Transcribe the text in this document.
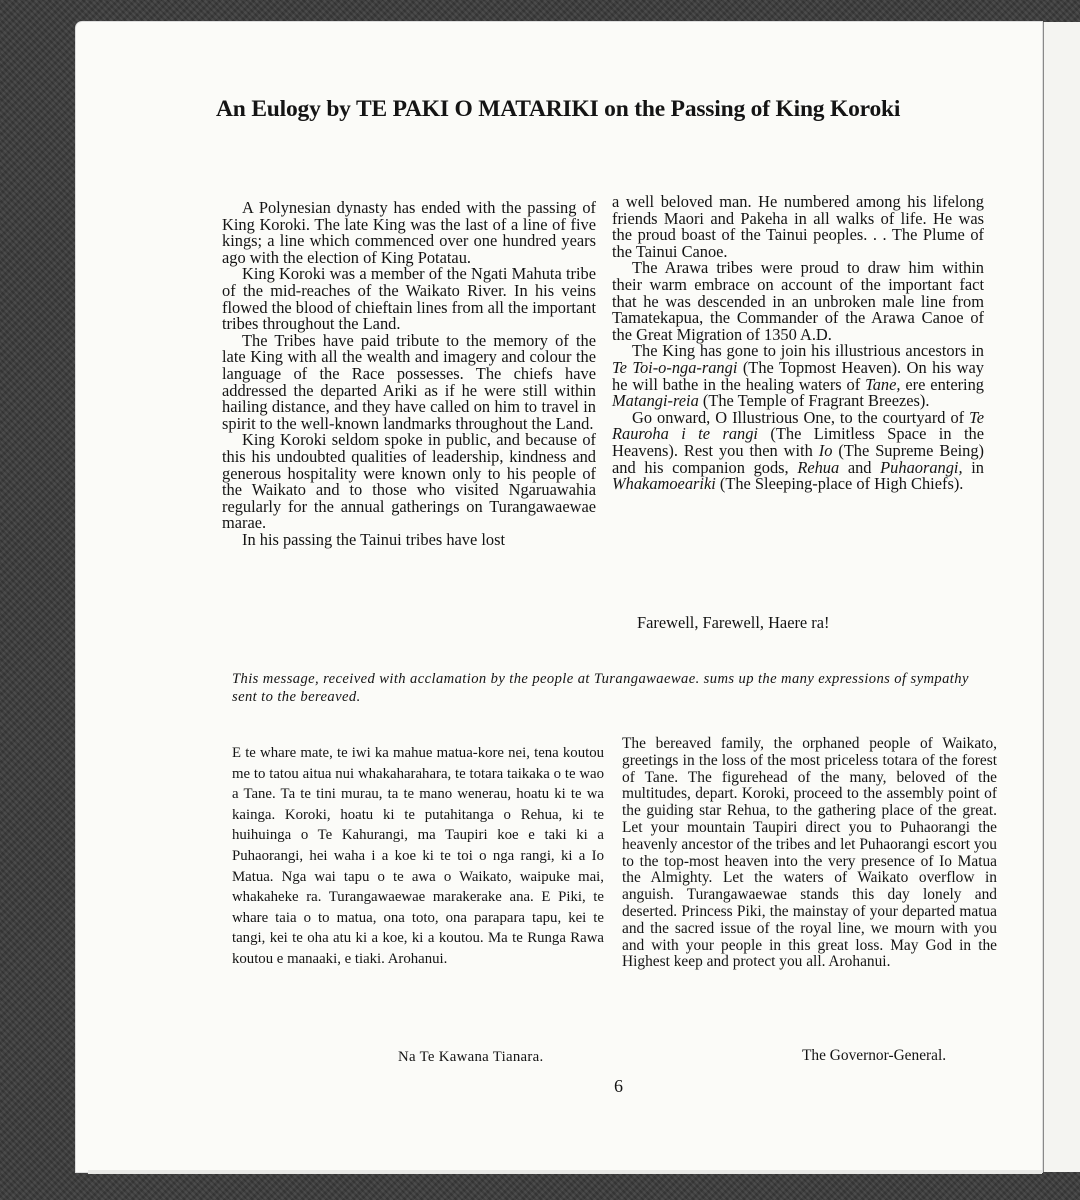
An Eulogy by TE PAKI O MATARIKI on the Passing of King Koroki

A Polynesian dynasty has ended with the passing of King Koroki. The late King was the last of a line of five kings; a line which commenced over one hundred years ago with the election of King Potatau.

King Koroki was a member of the Ngati Mahuta tribe of the mid-reaches of the Waikato River. In his veins flowed the blood of chieftain lines from all the important tribes throughout the Land.

The Tribes have paid tribute to the memory of the late King with all the wealth and imagery and colour the language of the Race possesses. The chiefs have addressed the departed Ariki as if he were still within hailing distance, and they have called on him to travel in spirit to the well-known landmarks throughout the Land.

King Koroki seldom spoke in public, and because of this his undoubted qualities of leadership, kindness and generous hospitality were known only to his people of the Waikato and to those who visited Ngaruawahia regularly for the annual gatherings on Turangawaewae marae.

In his passing the Tainui tribes have lost

a well beloved man. He numbered among his lifelong friends Maori and Pakeha in all walks of life. He was the proud boast of the Tainui peoples. . . The Plume of the Tainui Canoe.

The Arawa tribes were proud to draw him within their warm embrace on account of the important fact that he was descended in an unbroken male line from Tamatekapua, the Commander of the Arawa Canoe of the Great Migration of 1350 A.D.

The King has gone to join his illustrious ancestors in Te Toi-o-nga-rangi (The Topmost Heaven). On his way he will bathe in the healing waters of Tane, ere entering Matangi-reia (The Temple of Fragrant Breezes).

Go onward, O Illustrious One, to the courtyard of Te Rauroha i te rangi (The Limitless Space in the Heavens). Rest you then with Io (The Supreme Being) and his companion gods, Rehua and Puhaorangi, in Whakamoeariki (The Sleeping-place of High Chiefs).

Farewell, Farewell, Haere ra!

This message, received with acclamation by the people at Turangawaewae. sums up the many expressions of sympathy sent to the bereaved.

E te whare mate, te iwi ka mahue matua-kore nei, tena koutou me to tatou aitua nui whakaharahara, te totara taikaka o te wao a Tane. Ta te tini murau, ta te mano wenerau, hoatu ki te wa kainga. Koroki, hoatu ki te putahitanga o Rehua, ki te huihuinga o Te Kahurangi, ma Taupiri koe e taki ki a Puhaorangi, hei waha i a koe ki te toi o nga rangi, ki a Io Matua. Nga wai tapu o te awa o Waikato, waipuke mai, whakaheke ra. Turangawaewae marakerake ana. E Piki, te whare taia o to matua, ona toto, ona parapara tapu, kei te tangi, kei te oha atu ki a koe, ki a koutou. Ma te Runga Rawa koutou e manaaki, e tiaki. Arohanui.

The bereaved family, the orphaned people of Waikato, greetings in the loss of the most priceless totara of the forest of Tane. The figurehead of the many, beloved of the multitudes, depart. Koroki, proceed to the assembly point of the guiding star Rehua, to the gathering place of the great. Let your mountain Taupiri direct you to Puhaorangi the heavenly ancestor of the tribes and let Puhaorangi escort you to the top-most heaven into the very presence of Io Matua the Almighty. Let the waters of Waikato overflow in anguish. Turangawaewae stands this day lonely and deserted. Princess Piki, the mainstay of your departed matua and the sacred issue of the royal line, we mourn with you and with your people in this great loss. May God in the Highest keep and protect you all. Arohanui.

Na Te Kawana Tianara.	The Governor-General.

6
